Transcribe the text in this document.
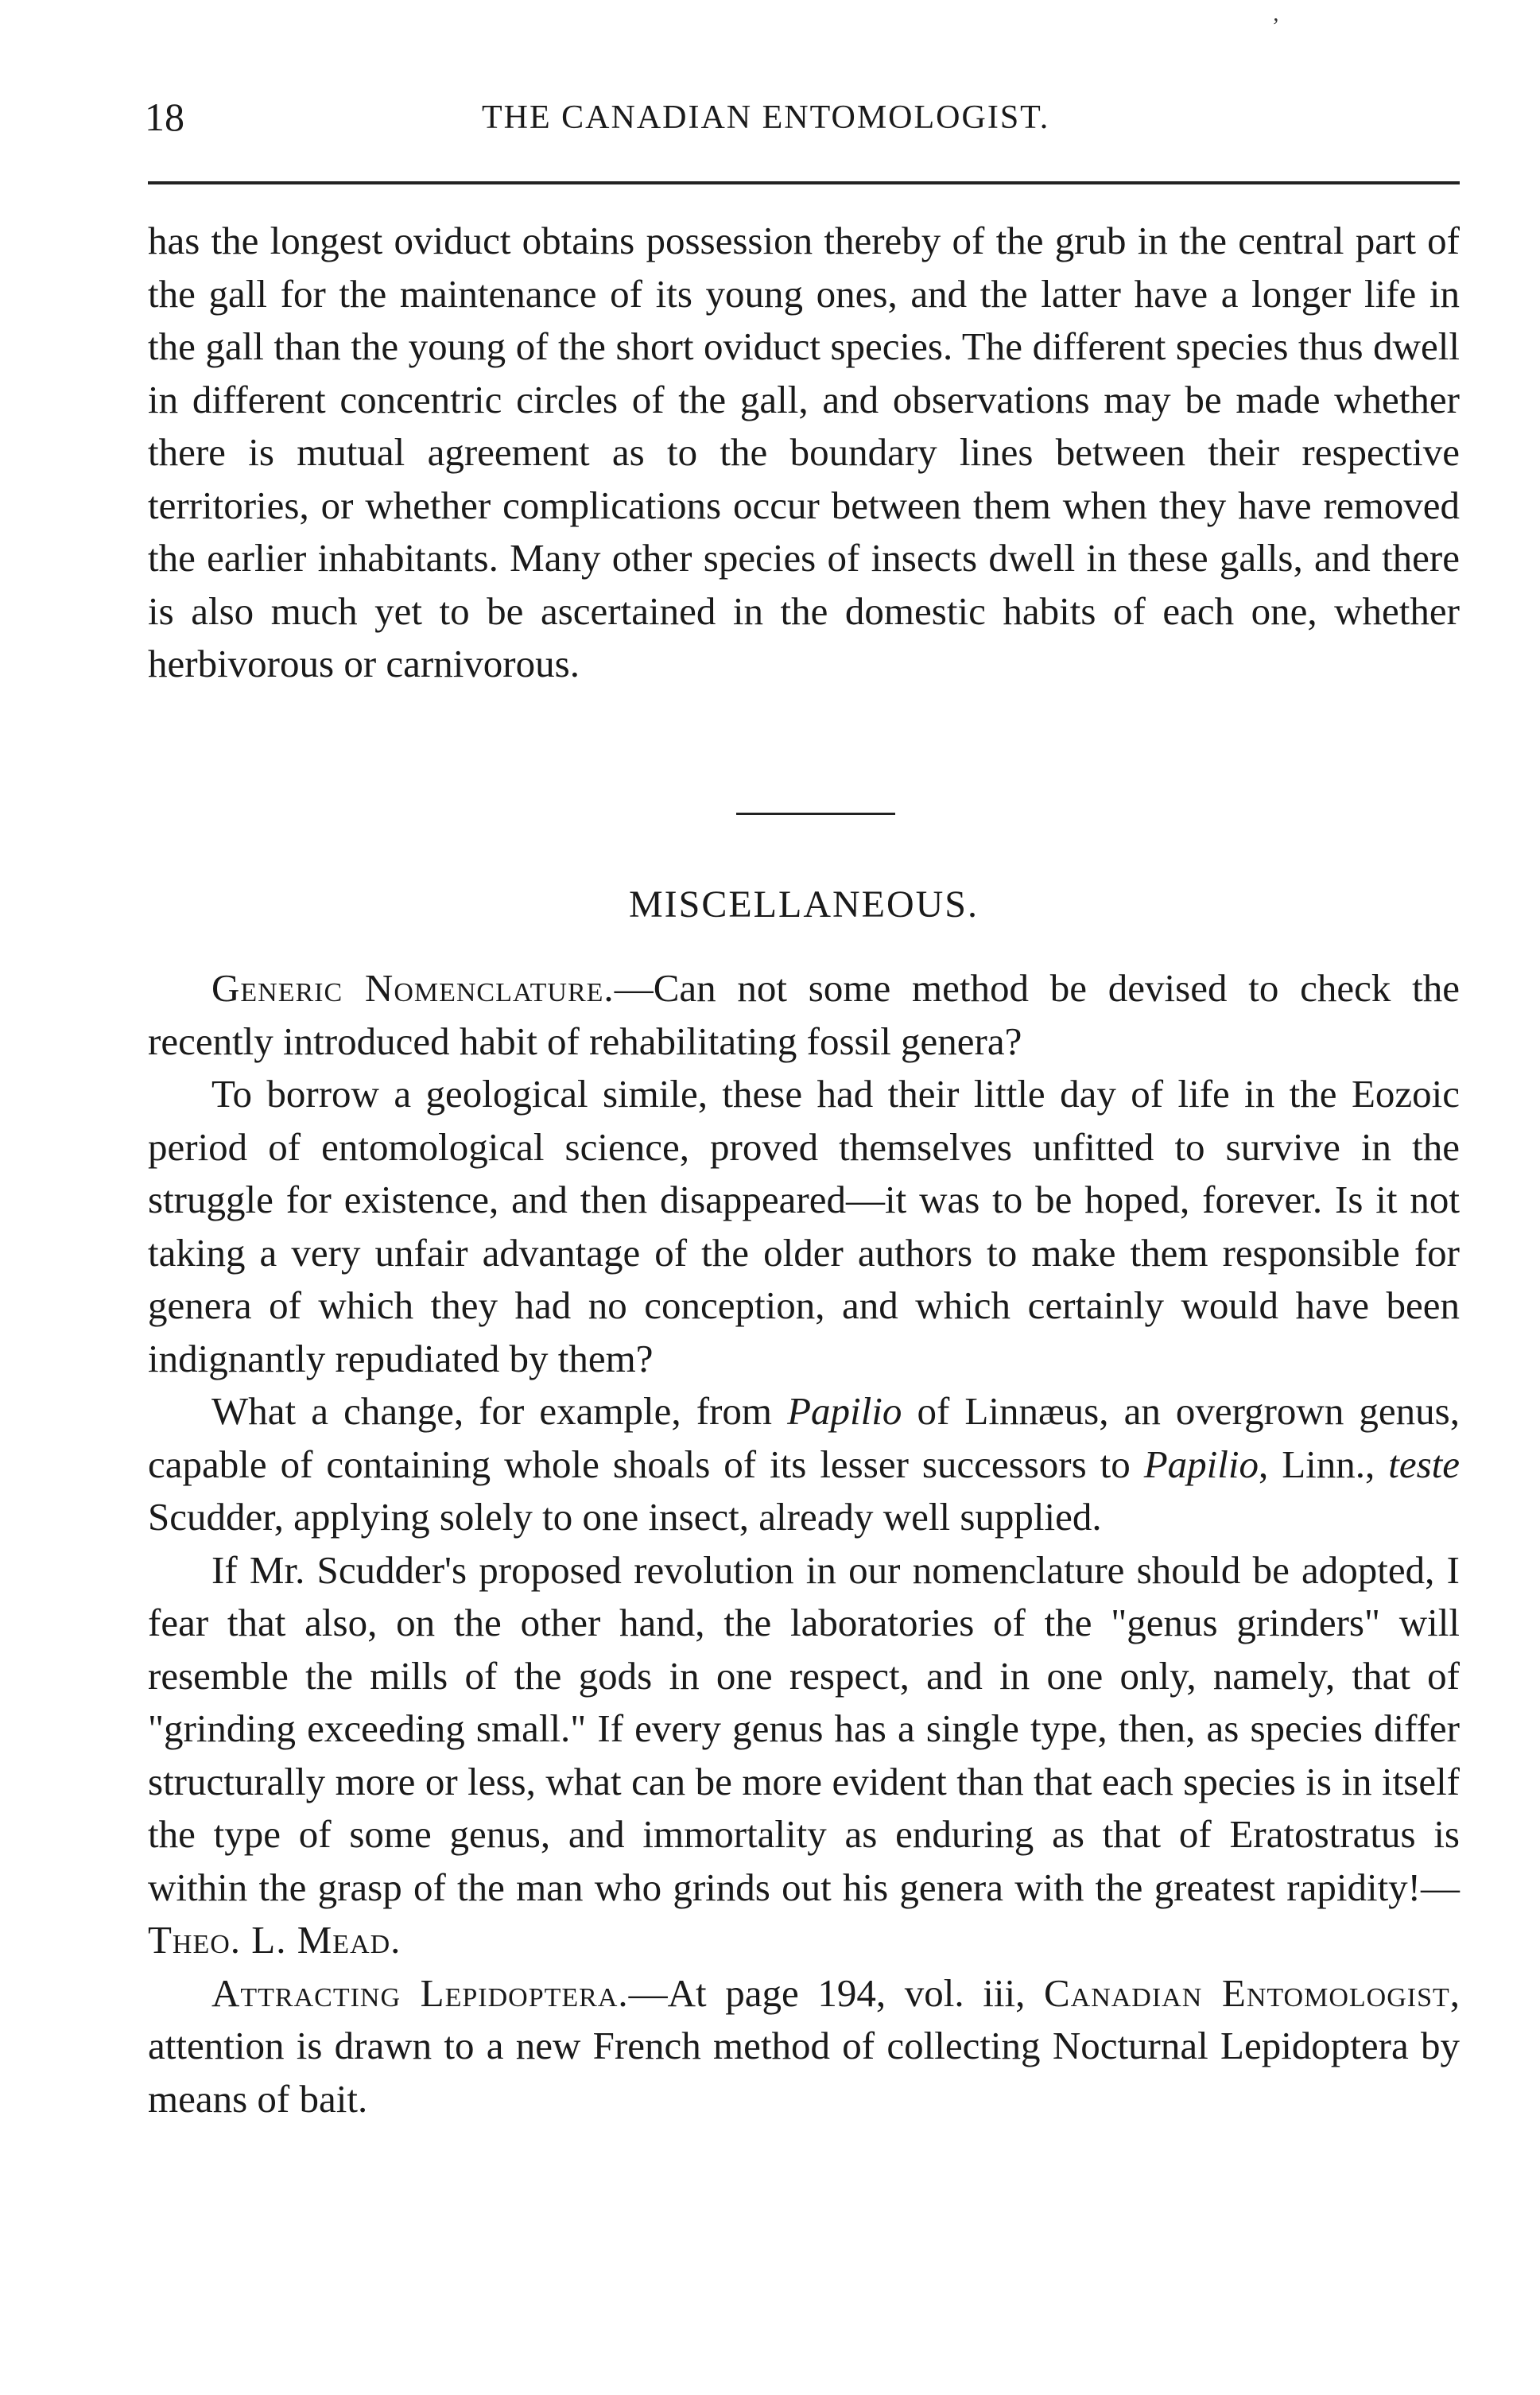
18	THE CANADIAN ENTOMOLOGIST.

has the longest oviduct obtains possession thereby of the grub in the central part of the gall for the maintenance of its young ones, and the latter have a longer life in the gall than the young of the short oviduct species. The different species thus dwell in different concentric circles of the gall, and observations may be made whether there is mutual agreement as to the boundary lines between their respective territories, or whether complications occur between them when they have removed the earlier inhabitants. Many other species of insects dwell in these galls, and there is also much yet to be ascertained in the domestic habits of each one, whether herbivorous or carnivorous.

MISCELLANEOUS.

Generic Nomenclature.—Can not some method be devised to check the recently introduced habit of rehabilitating fossil genera?

To borrow a geological simile, these had their little day of life in the Eozoic period of entomological science, proved themselves unfitted to survive in the struggle for existence, and then disappeared—it was to be hoped, forever. Is it not taking a very unfair advantage of the older authors to make them responsible for genera of which they had no conception, and which certainly would have been indignantly repudiated by them?

What a change, for example, from Papilio of Linnæus, an overgrown genus, capable of containing whole shoals of its lesser successors to Papilio, Linn., teste Scudder, applying solely to one insect, already well supplied.

If Mr. Scudder's proposed revolution in our nomenclature should be adopted, I fear that also, on the other hand, the laboratories of the "genus grinders" will resemble the mills of the gods in one respect, and in one only, namely, that of "grinding exceeding small." If every genus has a single type, then, as species differ structurally more or less, what can be more evident than that each species is in itself the type of some genus, and immortality as enduring as that of Eratostratus is within the grasp of the man who grinds out his genera with the greatest rapidity!—Theo. L. Mead.

Attracting Lepidoptera.—At page 194, vol. iii, Canadian Entomologist, attention is drawn to a new French method of collecting Nocturnal Lepidoptera by means of bait.

ʼ
